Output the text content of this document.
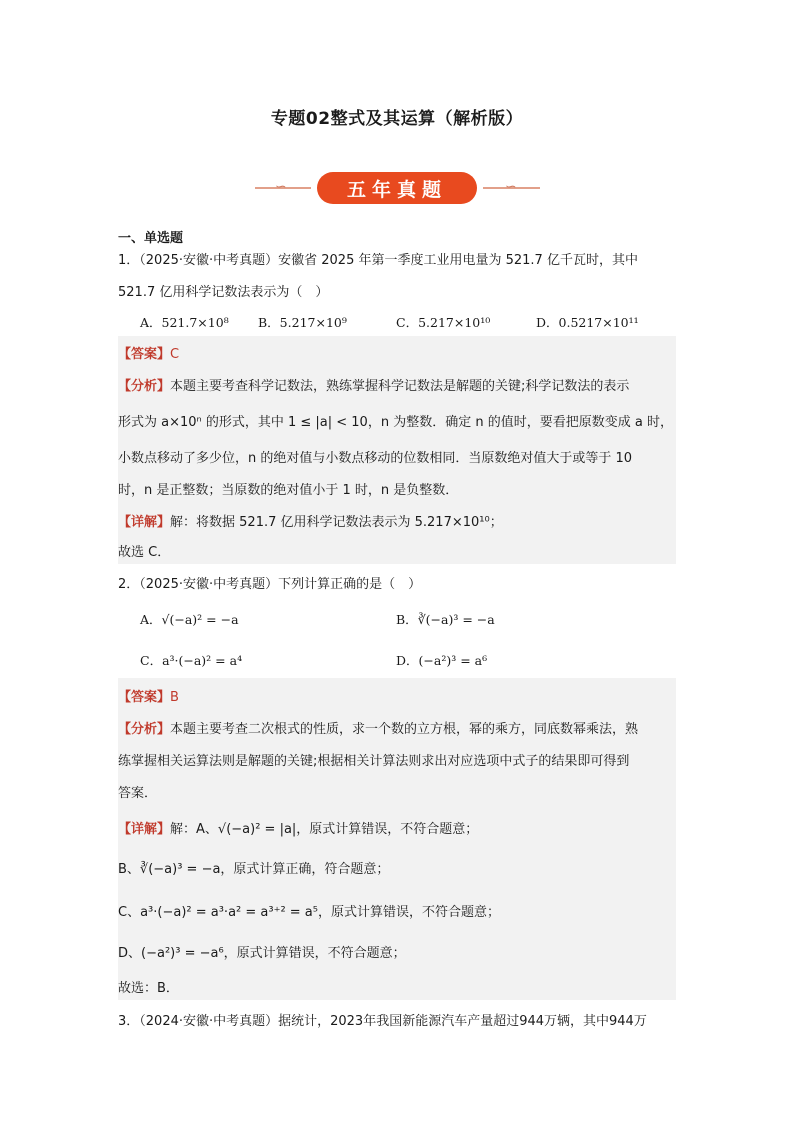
专题02整式及其运算（解析版）
∽	五年真题	∽
一、单选题
1．（2025·安徽·中考真题）安徽省 2025 年第一季度工业用电量为 521.7 亿千瓦时，其中
521.7 亿用科学记数法表示为（　）
A．521.7×10⁸ B．5.217×10⁹	C．5.217×10¹⁰	D．0.5217×10¹¹
【答案】C
【分析】本题主要考查科学记数法，熟练掌握科学记数法是解题的关键;科学记数法的表示
形式为 a×10ⁿ 的形式，其中 1 ≤ |a| < 10，n 为整数．确定 n 的值时，要看把原数变成 a 时，
小数点移动了多少位，n 的绝对值与小数点移动的位数相同．当原数绝对值大于或等于 10
时，n 是正整数；当原数的绝对值小于 1 时，n 是负整数．
【详解】解：将数据 521.7 亿用科学记数法表示为 5.217×10¹⁰；
故选 C．
2．（2025·安徽·中考真题）下列计算正确的是（　）
A．√(−a)² = −a	B．∛(−a)³ = −a
C．a³·(−a)² = a⁴	D．(−a²)³ = a⁶
【答案】B
【分析】本题主要考查二次根式的性质，求一个数的立方根，幂的乘方，同底数幂乘法，熟
练掌握相关运算法则是解题的关键;根据相关计算法则求出对应选项中式子的结果即可得到
答案．
【详解】解：A、√(−a)² = |a|，原式计算错误，不符合题意；
B、∛(−a)³ = −a，原式计算正确，符合题意；
C、a³·(−a)² = a³·a² = a³⁺² = a⁵，原式计算错误，不符合题意；
D、(−a²)³ = −a⁶，原式计算错误，不符合题意；
故选：B．
3．（2024·安徽·中考真题）据统计，2023年我国新能源汽车产量超过944万辆，其中944万
